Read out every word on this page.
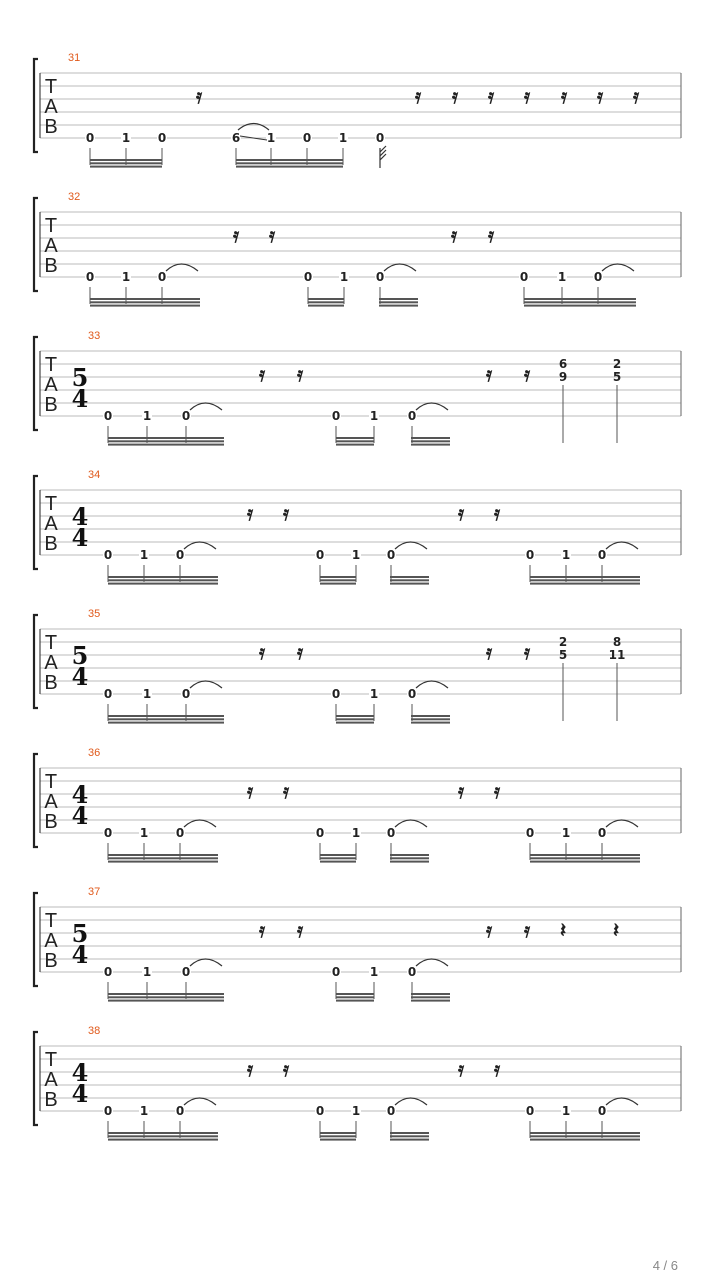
T
A
B
31
𝄿	𝄿 𝄿 𝄿 𝄿 𝄿 𝄿 𝄿
0 1 0	6 1 0 1 0
T
A
B
32
𝄿 𝄿	𝄿 𝄿
0 1 0	0 1 0	0 1 0
T
A
B
33
5
4
𝄿 𝄿	𝄿 𝄿
0	1	0	0 1 0
6
9
2
5
T
A
B
34
4
4
𝄿 𝄿	𝄿 𝄿
0 1 0	0 1 0	0 1 0
T
A
B
35
5
4
𝄿 𝄿	𝄿 𝄿
0	1	0	0 1 0
2
5
8
11
T
A
B
36
4
4
𝄿 𝄿	𝄿 𝄿
0 1 0	0 1 0	0 1 0
T
A
B
37
5
4
𝄿 𝄿	𝄿 𝄿 𝄽 𝄽
0	1	0	0 1 0
T
A
B
38
4
4
𝄿 𝄿	𝄿 𝄿
0 1 0	0 1 0	0 1 0
4 / 6
